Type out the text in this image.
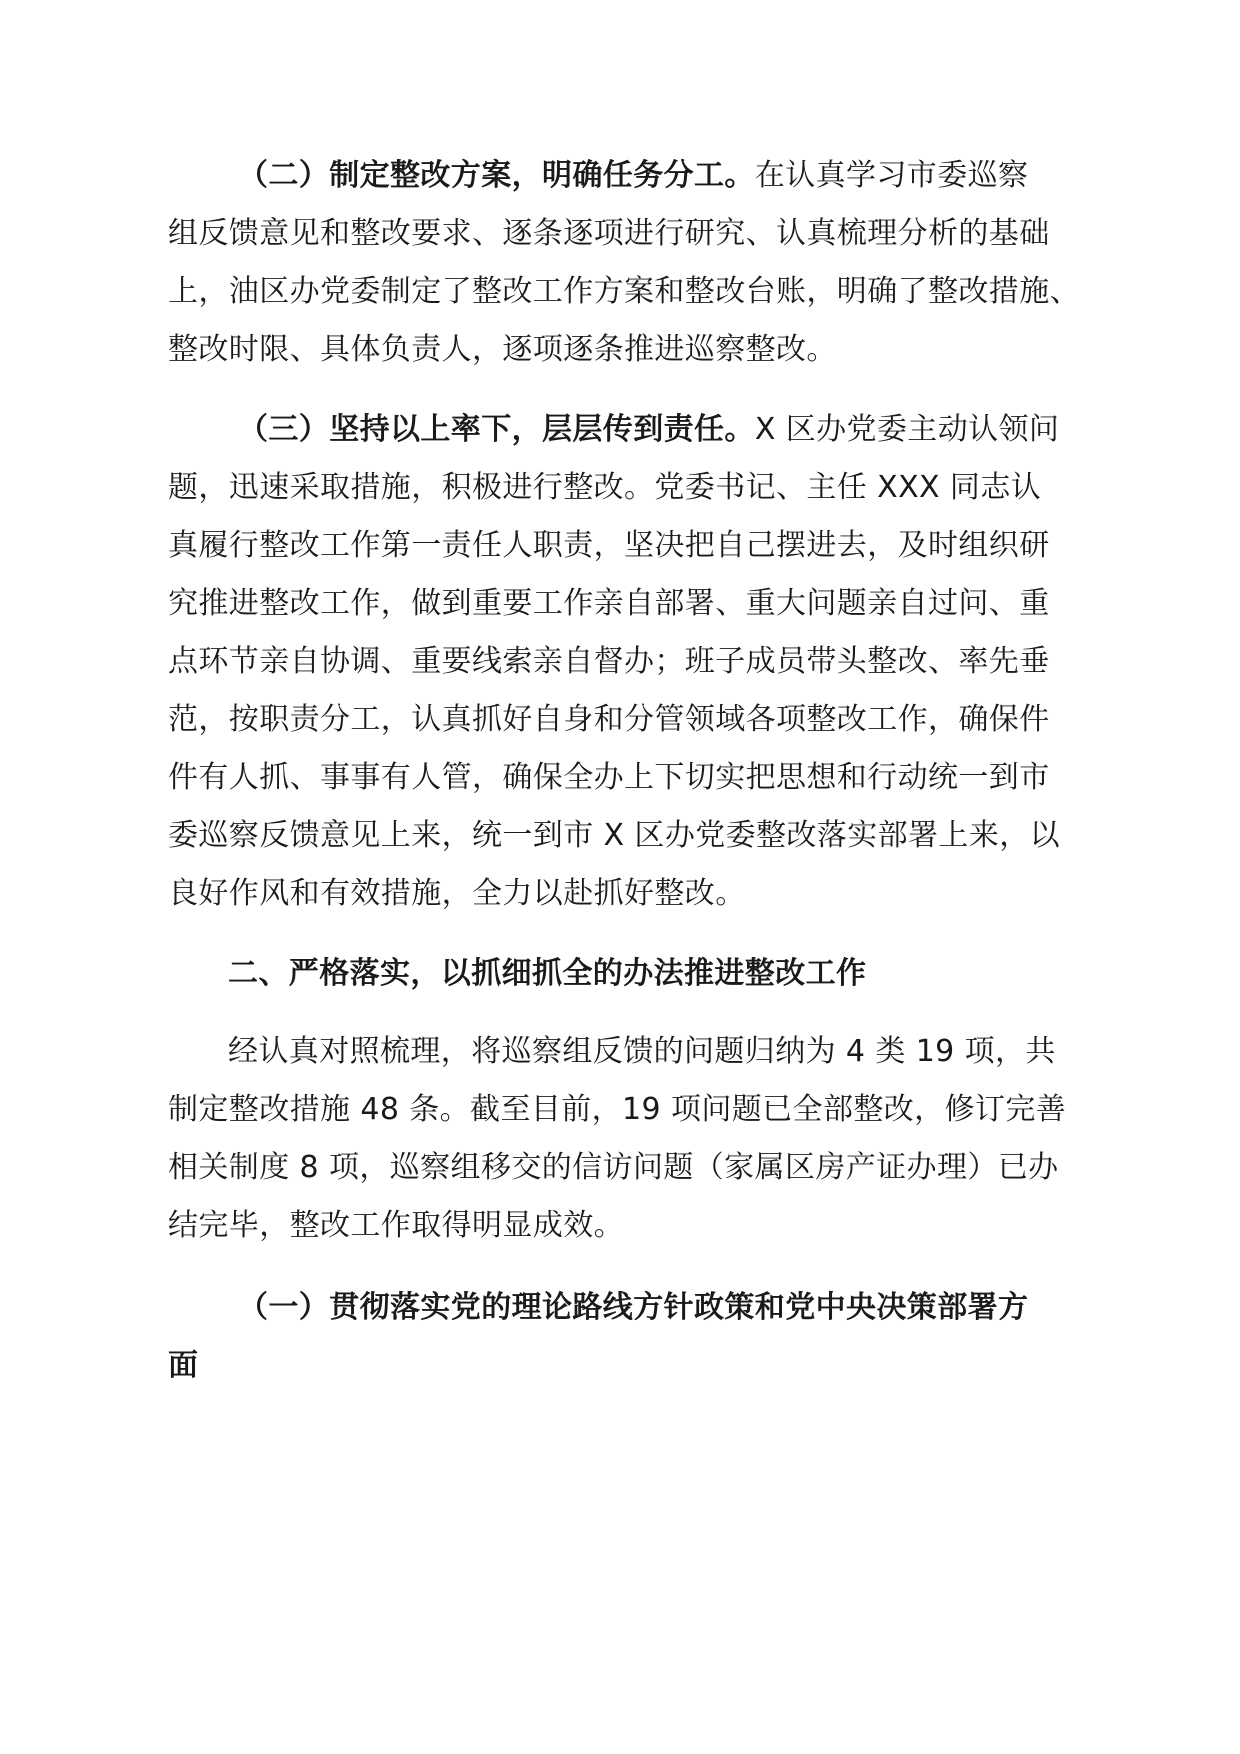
（二）制定整改方案，明确任务分工。在认真学习市委巡察
组反馈意见和整改要求、逐条逐项进行研究、认真梳理分析的基础
上，油区办党委制定了整改工作方案和整改台账，明确了整改措施、
整改时限、具体负责人，逐项逐条推进巡察整改。
（三）坚持以上率下，层层传到责任。X 区办党委主动认领问
题，迅速采取措施，积极进行整改。党委书记、主任 XXX 同志认
真履行整改工作第一责任人职责，坚决把自己摆进去，及时组织研
究推进整改工作，做到重要工作亲自部署、重大问题亲自过问、重
点环节亲自协调、重要线索亲自督办；班子成员带头整改、率先垂
范，按职责分工，认真抓好自身和分管领域各项整改工作，确保件
件有人抓、事事有人管，确保全办上下切实把思想和行动统一到市
委巡察反馈意见上来，统一到市 X 区办党委整改落实部署上来，以
良好作风和有效措施，全力以赴抓好整改。
二、严格落实，以抓细抓全的办法推进整改工作
经认真对照梳理，将巡察组反馈的问题归纳为 4 类 19 项，共
制定整改措施 48 条。截至目前，19 项问题已全部整改，修订完善
相关制度 8 项，巡察组移交的信访问题（家属区房产证办理）已办
结完毕，整改工作取得明显成效。
（一）贯彻落实党的理论路线方针政策和党中央决策部署方
面
